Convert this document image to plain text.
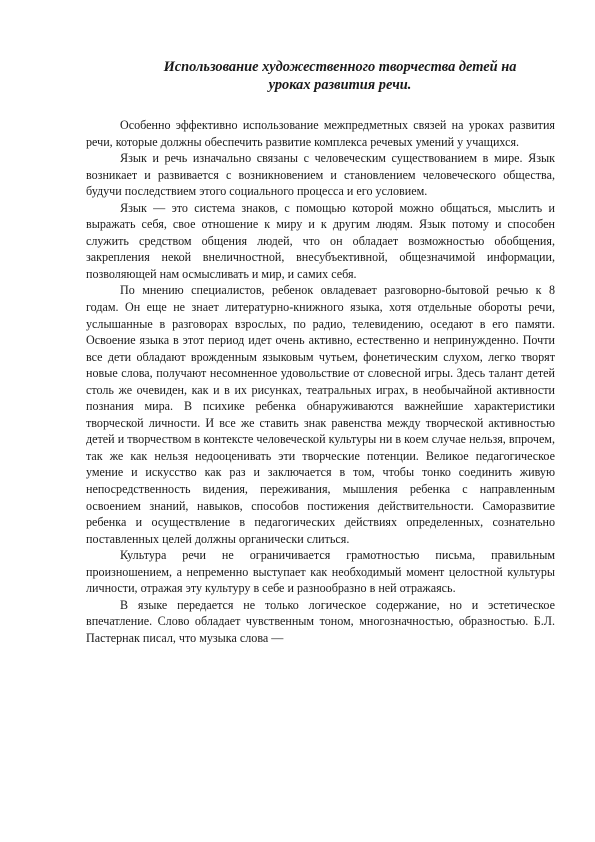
Использование художественного творчества детей на
уроках развития речи.

Особенно эффективно использование межпредметных связей на уроках развития речи, которые должны обеспечить развитие комплекса речевых умений у учащихся.

Язык и речь изначально связаны с человеческим существованием в мире. Язык возникает и развивается с возникновением и становлением человеческого общества, будучи последствием этого социального процесса и его условием.

Язык — это система знаков, с помощью которой можно общаться, мыслить и выражать себя, свое отношение к миру и к другим людям. Язык потому и способен служить средством общения людей, что он обладает возможностью обобщения, закрепления некой внеличностной, внесубъективной, общезначимой информации, позволяющей нам осмысливать и мир, и самих себя.

По мнению специалистов, ребенок овладевает разговорно-бытовой речью к 8 годам. Он еще не знает литературно-книжного языка, хотя отдельные обороты речи, услышанные в разговорах взрослых, по радио, телевидению, оседают в его памяти. Освоение языка в этот период идет очень активно, естественно и непринужденно. Почти все дети обладают врожденным языковым чутьем, фонетическим слухом, легко творят новые слова, получают несомненное удовольствие от словесной игры. Здесь талант детей столь же очевиден, как и в их рисунках, театральных играх, в необычайной активности познания мира. В психике ребенка обнаруживаются важнейшие характеристики творческой личности. И все же ставить знак равенства между творческой активностью детей и творчеством в контексте человеческой культуры ни в коем случае нельзя, впрочем, так же как нельзя недооценивать эти творческие потенции. Великое педагогическое умение и искусство как раз и заключается в том, чтобы тонко соединить живую непосредственность видения, переживания, мышления ребенка с направленным освоением знаний, навыков, способов постижения действительности. Саморазвитие ребенка и осуществление в педагогических действиях определенных, сознательно поставленных целей должны органически слиться.

Культура речи не ограничивается грамотностью письма, правильным произношением, а непременно выступает как необходимый момент целостной культуры личности, отражая эту культуру в себе и разнообразно в ней отражаясь.

В языке передается не только логическое содержание, но и эстетическое впечатление. Слово обладает чувственным тоном, многозначностью, образностью. Б.Л. Пастернак писал, что музыка слова —
